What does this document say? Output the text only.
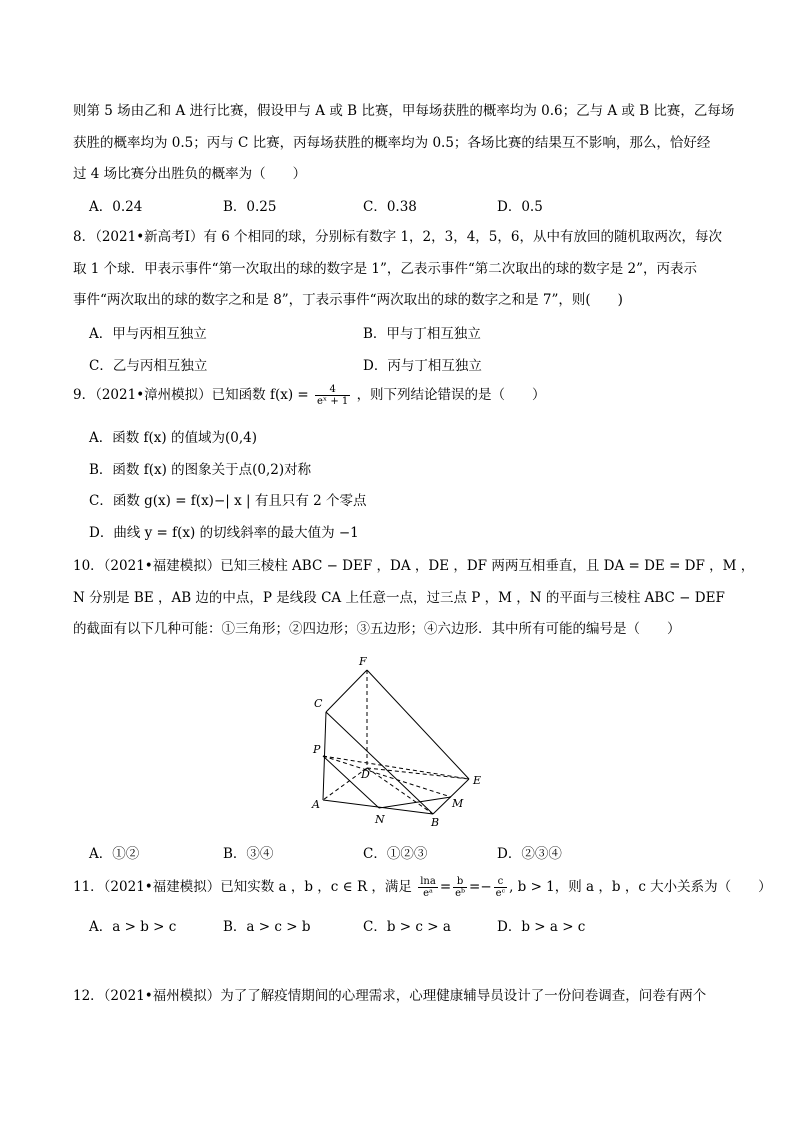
则第 5 场由乙和 A 进行比赛，假设甲与 A 或 B 比赛，甲每场获胜的概率均为 0.6；乙与 A 或 B 比赛，乙每场
获胜的概率均为 0.5；丙与 C 比赛，丙每场获胜的概率均为 0.5；各场比赛的结果互不影响，那么，恰好经
过 4 场比赛分出胜负的概率为（　　）
A．0.24	B．0.25	C．0.38	D．0.5
8．（2021•新高考Ⅰ）有 6 个相同的球，分别标有数字 1，2，3，4，5，6，从中有放回的随机取两次，每次
取 1 个球．甲表示事件“第一次取出的球的数字是 1”，乙表示事件“第二次取出的球的数字是 2”，丙表示
事件“两次取出的球的数字之和是 8”，丁表示事件“两次取出的球的数字之和是 7”，则(　　)
A．甲与丙相互独立	B．甲与丁相互独立
C．乙与丙相互独立	D．丙与丁相互独立
9．（2021•漳州模拟）已知函数 $f(x) = \frac{4}{\text{eˣ + 1}}$ ，则下列结论错误的是（　　）
A．函数 f(x) 的值域为(0,4)
B．函数 f(x) 的图象关于点(0,2)对称
C．函数 g(x) = f(x)−| x | 有且只有 2 个零点
D．曲线 y = f(x) 的切线斜率的最大值为 −1
10．（2021•福建模拟）已知三棱柱 ABC − DEF ，DA ，DE ，DF 两两互相垂直，且 DA = DE = DF ，M ，
N 分别是 BE ，AB 边的中点，P 是线段 CA 上任意一点，过三点 P ，M ，N 的平面与三棱柱 ABC − DEF
的截面有以下几种可能：①三角形；②四边形；③五边形；④六边形．其中所有可能的编号是（　　）
F
C
P
D	E
A	M
N	B
A．①②	B．③④	C．①②③	D．②③④
11．（2021•福建模拟）已知实数 a ，b ，c ∈ R ，满足 $\frac{\ln a}{\text{eᵃ}} = \frac{b}{\text{eᵇ}} =- \frac{c}{\text{eᶜ}}$ , b > 1，则 a ，b ，c 大小关系为（　　）
A．a > b > c	B．a > c > b	C．b > c > a	D．b > a > c
12．（2021•福州模拟）为了了解疫情期间的心理需求，心理健康辅导员设计了一份问卷调查，问卷有两个
